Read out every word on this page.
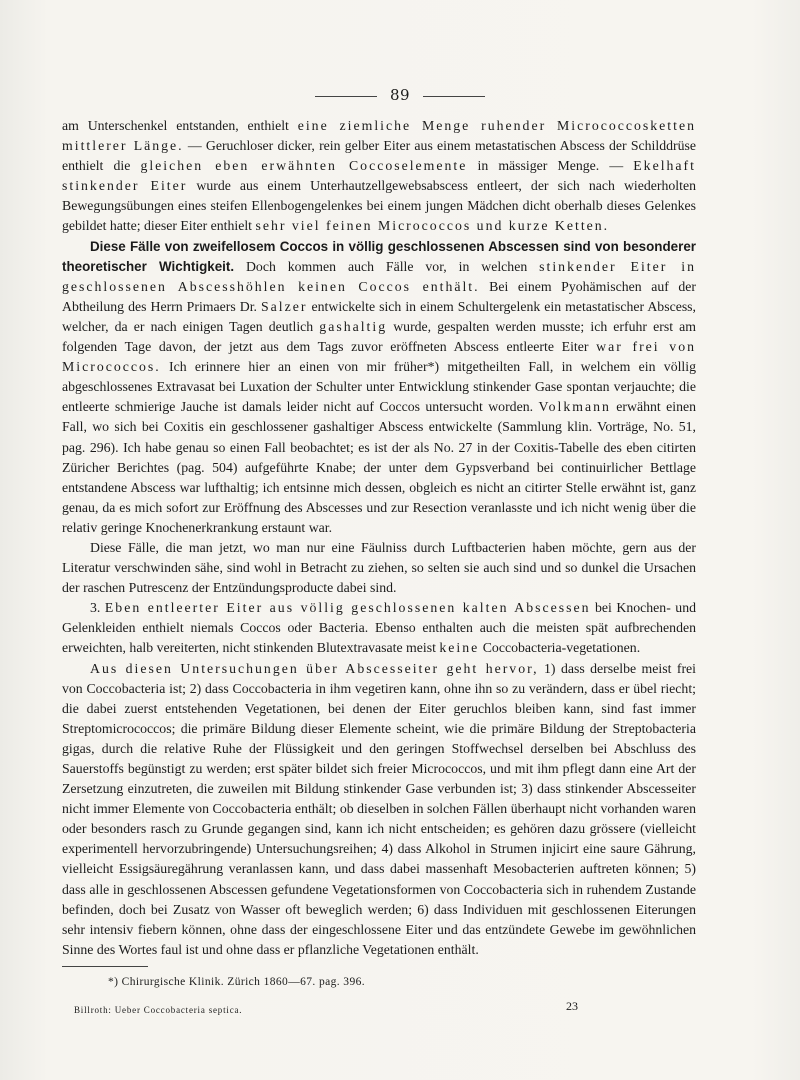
89

am Unterschenkel entstanden, enthielt eine ziemliche Menge ruhender Micrococcosketten mittlerer Länge. — Geruchloser dicker, rein gelber Eiter aus einem metastatischen Abscess der Schilddrüse enthielt die gleichen eben erwähnten Coccoselemente in mässiger Menge. — Ekelhaft stinkender Eiter wurde aus einem Unterhautzellgewebsabscess entleert, der sich nach wiederholten Bewegungsübungen eines steifen Ellenbogengelenkes bei einem jungen Mädchen dicht oberhalb dieses Gelenkes gebildet hatte; dieser Eiter enthielt sehr viel feinen Micrococcos und kurze Ketten.

Diese Fälle von zweifellosem Coccos in völlig geschlossenen Abscessen sind von besonderer theoretischer Wichtigkeit. Doch kommen auch Fälle vor, in welchen stinkender Eiter in geschlossenen Abscesshöhlen keinen Coccos enthält. Bei einem Pyohämischen auf der Abtheilung des Herrn Primaers Dr. Salzer entwickelte sich in einem Schultergelenk ein metastatischer Abscess, welcher, da er nach einigen Tagen deutlich gashaltig wurde, gespalten werden musste; ich erfuhr erst am folgenden Tage davon, der jetzt aus dem Tags zuvor eröffneten Abscess entleerte Eiter war frei von Micrococcos. Ich erinnere hier an einen von mir früher*) mitgetheilten Fall, in welchem ein völlig abgeschlossenes Extravasat bei Luxation der Schulter unter Entwicklung stinkender Gase spontan verjauchte; die entleerte schmierige Jauche ist damals leider nicht auf Coccos untersucht worden. Volkmann erwähnt einen Fall, wo sich bei Coxitis ein geschlossener gashaltiger Abscess entwickelte (Sammlung klin. Vorträge, No. 51, pag. 296). Ich habe genau so einen Fall beobachtet; es ist der als No. 27 in der Coxitis-Tabelle des eben citirten Züricher Berichtes (pag. 504) aufgeführte Knabe; der unter dem Gypsverband bei continuirlicher Bettlage entstandene Abscess war lufthaltig; ich entsinne mich dessen, obgleich es nicht an citirter Stelle erwähnt ist, ganz genau, da es mich sofort zur Eröffnung des Abscesses und zur Resection veranlasste und ich nicht wenig über die relativ geringe Knochenerkrankung erstaunt war.

Diese Fälle, die man jetzt, wo man nur eine Fäulniss durch Luftbacterien haben möchte, gern aus der Literatur verschwinden sähe, sind wohl in Betracht zu ziehen, so selten sie auch sind und so dunkel die Ursachen der raschen Putrescenz der Entzündungsproducte dabei sind.

3. Eben entleerter Eiter aus völlig geschlossenen kalten Abscessen bei Knochen- und Gelenkleiden enthielt niemals Coccos oder Bacteria. Ebenso enthalten auch die meisten spät aufbrechenden erweichten, halb vereiterten, nicht stinkenden Blutextravasate meist keine Coccobacteria-vegetationen.

Aus diesen Untersuchungen über Abscesseiter geht hervor, 1) dass derselbe meist frei von Coccobacteria ist; 2) dass Coccobacteria in ihm vegetiren kann, ohne ihn so zu verändern, dass er übel riecht; die dabei zuerst entstehenden Vegetationen, bei denen der Eiter geruchlos bleiben kann, sind fast immer Streptomicrococcos; die primäre Bildung dieser Elemente scheint, wie die primäre Bildung der Streptobacteria gigas, durch die relative Ruhe der Flüssigkeit und den geringen Stoffwechsel derselben bei Abschluss des Sauerstoffs begünstigt zu werden; erst später bildet sich freier Micrococcos, und mit ihm pflegt dann eine Art der Zersetzung einzutreten, die zuweilen mit Bildung stinkender Gase verbunden ist; 3) dass stinkender Abscesseiter nicht immer Elemente von Coccobacteria enthält; ob dieselben in solchen Fällen überhaupt nicht vorhanden waren oder besonders rasch zu Grunde gegangen sind, kann ich nicht entscheiden; es gehören dazu grössere (vielleicht experimentell hervorzubringende) Untersuchungsreihen; 4) dass Alkohol in Strumen injicirt eine saure Gährung, vielleicht Essigsäuregährung veranlassen kann, und dass dabei massenhaft Mesobacterien auftreten können; 5) dass alle in geschlossenen Abscessen gefundene Vegetationsformen von Coccobacteria sich in ruhendem Zustande befinden, doch bei Zusatz von Wasser oft beweglich werden; 6) dass Individuen mit geschlossenen Eiterungen sehr intensiv fiebern können, ohne dass der eingeschlossene Eiter und das entzündete Gewebe im gewöhnlichen Sinne des Wortes faul ist und ohne dass er pflanzliche Vegetationen enthält.

*) Chirurgische Klinik. Zürich 1860—67. pag. 396.
Billroth: Ueber Coccobacteria septica.	23
